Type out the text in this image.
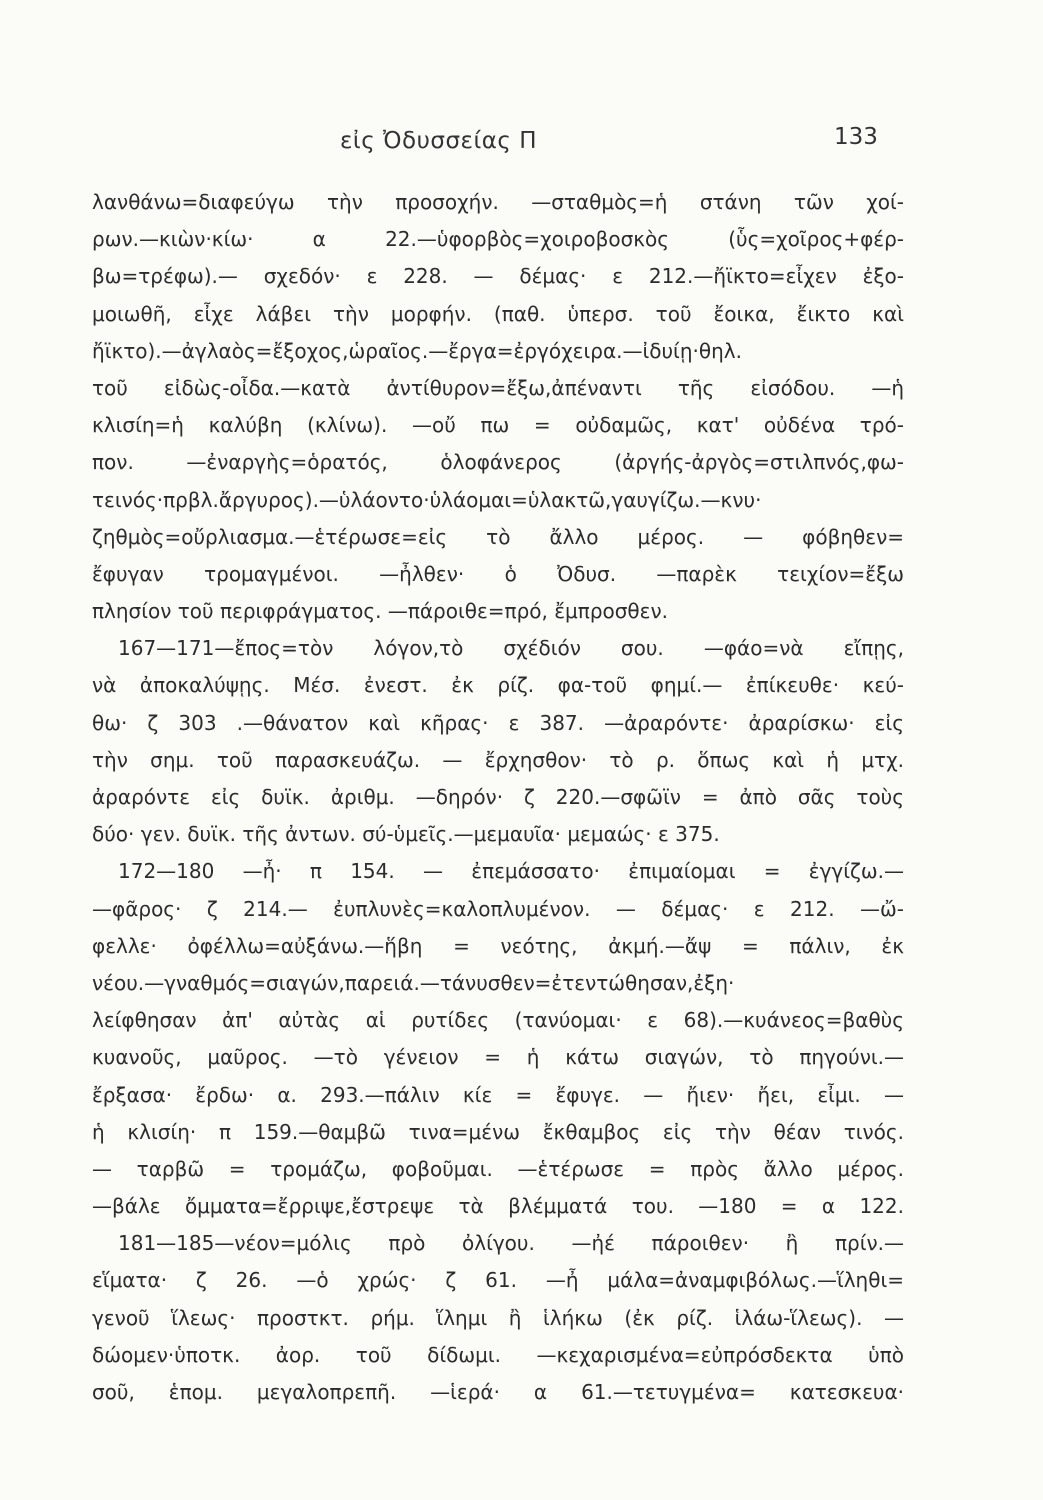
εἰς Ὀδυσσείας Π	133
λανθάνω=διαφεύγω τὴν προσοχήν. —σταθμὸς=ἡ στάνη τῶν χοί-
ρων.—κιὼν·κίω· α 22.—ὑφορβὸς=χοιροβοσκὸς (ὗς=χοῖρος+φέρ-
βω=τρέφω).— σχεδόν· ε 228. — δέμας· ε 212.—ἤϊκτο=εἶχεν ἐξο-
μοιωθῆ, εἶχε λάβει τὴν μορφήν. (παθ. ὑπερσ. τοῦ ἔοικα, ἔικτο καὶ
ἤϊκτο).—ἀγλαὸς=ἔξοχος,ὡραῖος.—ἔργα=ἐργόχειρα.—ἰδυίῃ·θηλ.
τοῦ εἰδὼς-οἶδα.—κατὰ ἀντίθυρον=ἔξω,ἀπέναντι τῆς εἰσόδου. —ἡ
κλισίη=ἡ καλύβη (κλίνω). —οὔ πω = οὐδαμῶς, κατ' οὐδένα τρό-
πον. —ἐναργὴς=ὁρατός, ὁλοφάνερος (ἀργής-ἀργὸς=στιλπνός,φω-
τεινός·πρβλ.ἄργυρος).—ὑλάοντο·ὑλάομαι=ὑλακτῶ,γαυγίζω.—κνυ·
ζηθμὸς=οὔρλιασμα.—ἑτέρωσε=εἰς τὸ ἄλλο μέρος. — φόβηθεν=
ἔφυγαν τρομαγμένοι. —ἦλθεν· ὁ Ὀδυσ. —παρὲκ τειχίον=ἔξω
πλησίον τοῦ περιφράγματος. —πάροιθε=πρό, ἔμπροσθεν.
167—171—ἔπος=τὸν λόγον,τὸ σχέδιόν σου. —φάο=νὰ εἴπῃς,
νὰ ἀποκαλύψῃς. Μέσ. ἐνεστ. ἐκ ρίζ. φα-τοῦ φημί.— ἐπίκευθε· κεύ-
θω· ζ 303 .—θάνατον καὶ κῆρας· ε 387. —ἀραρόντε· ἀραρίσκω· εἰς
τὴν σημ. τοῦ παρασκευάζω. — ἔρχησθον· τὸ ρ. ὅπως καὶ ἡ μτχ.
ἀραρόντε εἰς δυϊκ. ἀριθμ. —δηρόν· ζ 220.—σφῶϊν = ἀπὸ σᾶς τοὺς
δύο· γεν. δυϊκ. τῆς ἀντων. σύ-ὑμεῖς.—μεμαυῖα· μεμαώς· ε 375.
172—180 —ἦ· π 154. — ἐπεμάσσατο· ἐπιμαίομαι = ἐγγίζω.—
—φᾶρος· ζ 214.— ἐυπλυνὲς=καλοπλυμένον. — δέμας· ε 212. —ὤ-
φελλε· ὀφέλλω=αὐξάνω.—ἥβη = νεότης, ἀκμή.—ἄψ = πάλιν, ἐκ
νέου.—γναθμός=σιαγών,παρειά.—τάνυσθεν=ἐτεντώθησαν,ἐξη·
λείφθησαν ἀπ' αὐτὰς αἱ ρυτίδες (τανύομαι· ε 68).—κυάνεος=βαθὺς
κυανοῦς, μαῦρος. —τὸ γένειον = ἡ κάτω σιαγών, τὸ πηγούνι.—
ἔρξασα· ἔρδω· α. 293.—πάλιν κίε = ἔφυγε. — ἤιεν· ἤει, εἶμι. —
ἡ κλισίη· π 159.—θαμβῶ τινα=μένω ἔκθαμβος εἰς τὴν θέαν τινός.
— ταρβῶ = τρομάζω, φοβοῦμαι. —ἑτέρωσε = πρὸς ἄλλο μέρος.
—βάλε ὄμματα=ἔρριψε,ἔστρεψε τὰ βλέμματά του. —180 = α 122.
181—185—νέον=μόλις πρὸ ὀλίγου. —ἠέ πάροιθεν· ἢ πρίν.—
εἵματα· ζ 26. —ὁ χρώς· ζ 61. —ἦ μάλα=ἀναμφιβόλως.—ἵληθι=
γενοῦ ἵλεως· προστκτ. ρήμ. ἵλημι ἢ ἱλήκω (ἐκ ρίζ. ἱλάω-ἵλεως). —
δώομεν·ὑποτκ. ἀορ. τοῦ δίδωμι. —κεχαρισμένα=εὐπρόσδεκτα ὑπὸ
σοῦ, ἑπομ. μεγαλοπρεπῆ. —ἱερά· α 61.—τετυγμένα= κατεσκευα·
